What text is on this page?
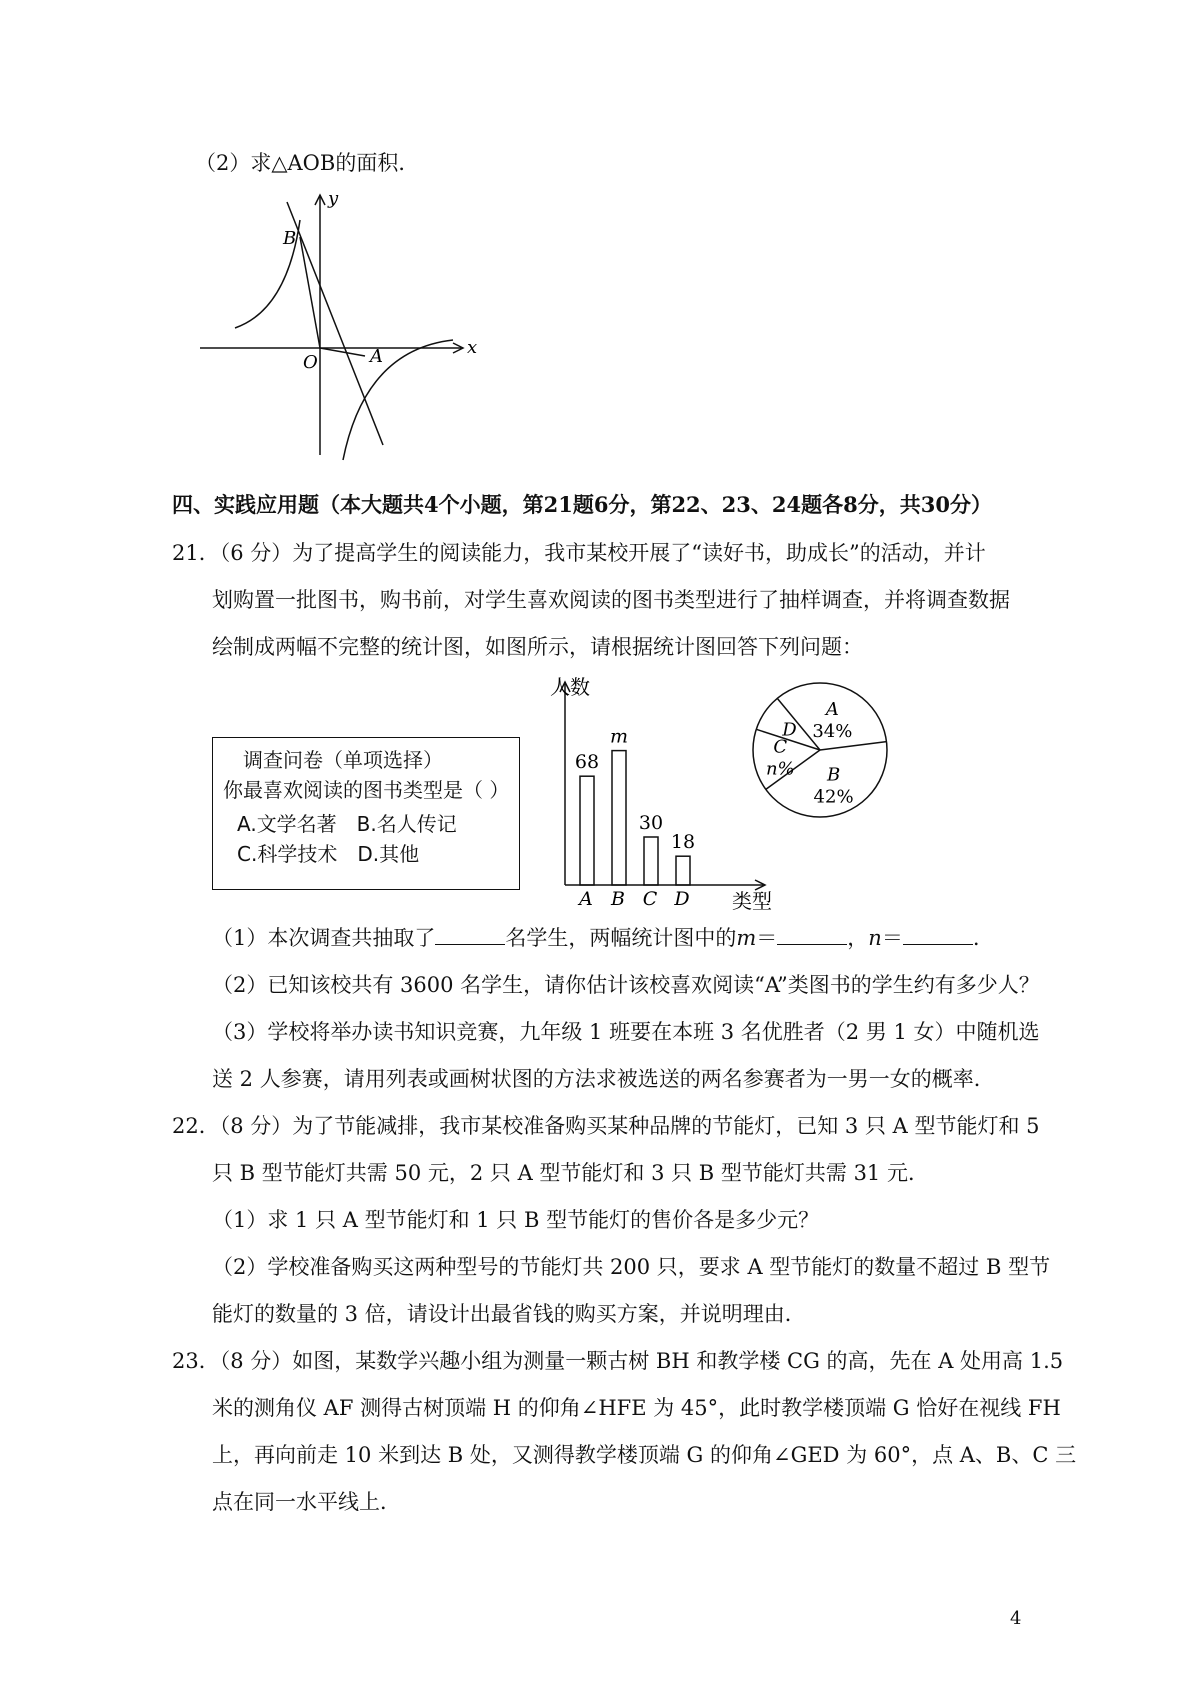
（2）求△AOB的面积．
y
x
O
B
A
四、实践应用题（本大题共4个小题，第21题6分，第22、23、24题各8分，共30分）
21．（6 分）为了提高学生的阅读能力，我市某校开展了“读好书，助成长”的活动，并计
划购置一批图书，购书前，对学生喜欢阅读的图书类型进行了抽样调查，并将调查数据
绘制成两幅不完整的统计图，如图所示，请根据统计图回答下列问题：
调查问卷（单项选择）
你最喜欢阅读的图书类型是（ ）
A.文学名著　B.名人传记
C.科学技术　D.其他
人数
类型
68
A
m
B
30
C
18
D
D
A
34%
B
42%
C
n%
（1）本次调查共抽取了	名学生，两幅统计图中的m＝	，n＝	.
（2）已知该校共有 3600 名学生，请你估计该校喜欢阅读“A”类图书的学生约有多少人？
（3）学校将举办读书知识竞赛，九年级 1 班要在本班 3 名优胜者（2 男 1 女）中随机选
送 2 人参赛，请用列表或画树状图的方法求被选送的两名参赛者为一男一女的概率．
22．（8 分）为了节能减排，我市某校准备购买某种品牌的节能灯，已知 3 只 A 型节能灯和 5
只 B 型节能灯共需 50 元，2 只 A 型节能灯和 3 只 B 型节能灯共需 31 元．
（1）求 1 只 A 型节能灯和 1 只 B 型节能灯的售价各是多少元？
（2）学校准备购买这两种型号的节能灯共 200 只，要求 A 型节能灯的数量不超过 B 型节
能灯的数量的 3 倍，请设计出最省钱的购买方案，并说明理由．
23．（8 分）如图，某数学兴趣小组为测量一颗古树 BH 和教学楼 CG 的高，先在 A 处用高 1.5
米的测角仪 AF 测得古树顶端 H 的仰角∠HFE 为 45°，此时教学楼顶端 G 恰好在视线 FH
上，再向前走 10 米到达 B 处，又测得教学楼顶端 G 的仰角∠GED 为 60°，点 A、B、C 三
点在同一水平线上．
4
